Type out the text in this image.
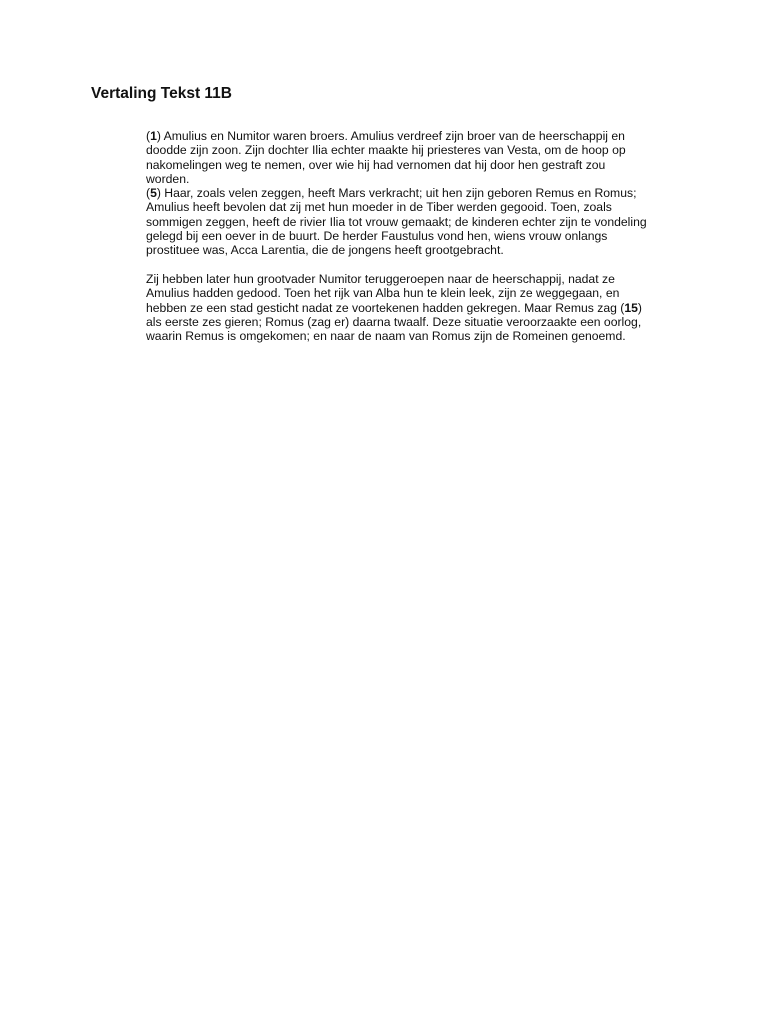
Vertaling Tekst 11B

(1) Amulius en Numitor waren broers. Amulius verdreef zijn broer van de heerschappij en
doodde zijn zoon. Zijn dochter Ilia echter maakte hij priesteres van Vesta, om de hoop op
nakomelingen weg te nemen, over wie hij had vernomen dat hij door hen gestraft zou
worden.
(5) Haar, zoals velen zeggen, heeft Mars verkracht; uit hen zijn geboren Remus en Romus;
Amulius heeft bevolen dat zij met hun moeder in de Tiber werden gegooid. Toen, zoals
sommigen zeggen, heeft de rivier Ilia tot vrouw gemaakt; de kinderen echter zijn te vondeling
gelegd bij een oever in de buurt. De herder Faustulus vond hen, wiens vrouw onlangs
prostituee was, Acca Larentia, die de jongens heeft grootgebracht.

Zij hebben later hun grootvader Numitor teruggeroepen naar de heerschappij, nadat ze
Amulius hadden gedood. Toen het rijk van Alba hun te klein leek, zijn ze weggegaan, en
hebben ze een stad gesticht nadat ze voortekenen hadden gekregen. Maar Remus zag (15)
als eerste zes gieren; Romus (zag er) daarna twaalf. Deze situatie veroorzaakte een oorlog,
waarin Remus is omgekomen; en naar de naam van Romus zijn de Romeinen genoemd.
